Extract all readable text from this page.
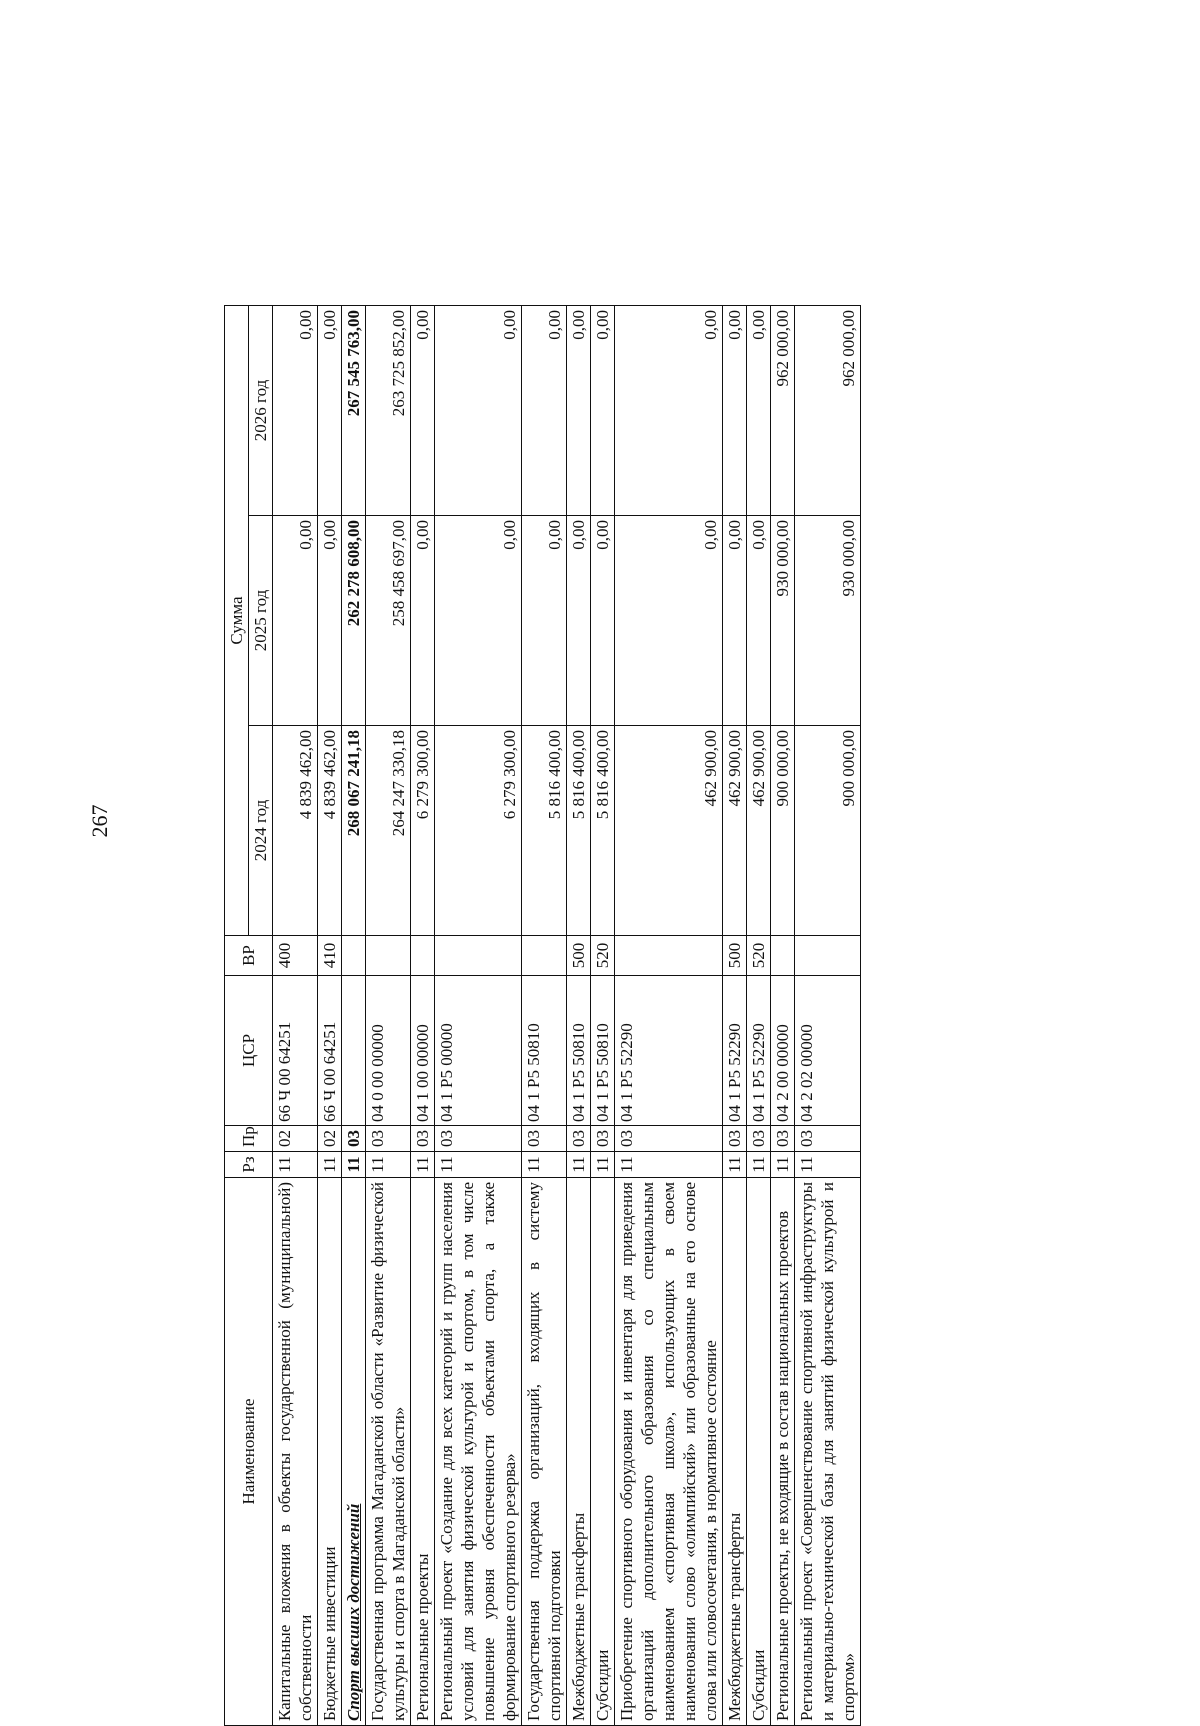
267
Наименование	Рз	Пр	ЦСР	ВР	Сумма		
					2024 год	2025 год	2026 год
Капитальные вложения в объекты государственной (муниципальной) собственности	11	02	66 Ч 00 64251	400	4 839 462,00	0,00	0,00
Бюджетные инвестиции	11	02	66 Ч 00 64251	410	4 839 462,00	0,00	0,00
Спорт высших достижений	11	03			268 067 241,18	262 278 608,00	267 545 763,00
Государственная программа Магаданской области «Развитие физической культуры и спорта в Магаданской области»	11	03	04 0 00 00000		264 247 330,18	258 458 697,00	263 725 852,00
Региональные проекты	11	03	04 1 00 00000		6 279 300,00	0,00	0,00
Региональный проект «Создание для всех категорий и групп населения условий для занятия физической культурой и спортом, в том числе повышение уровня обеспеченности объектами спорта, а также формирование спортивного резерва»	11	03	04 1 P5 00000		6 279 300,00	0,00	0,00
Государственная поддержка организаций, входящих в систему спортивной подготовки	11	03	04 1 P5 50810		5 816 400,00	0,00	0,00
Межбюджетные трансферты	11	03	04 1 P5 50810	500	5 816 400,00	0,00	0,00
Субсидии	11	03	04 1 P5 50810	520	5 816 400,00	0,00	0,00
Приобретение спортивного оборудования и инвентаря для приведения организаций дополнительного образования со специальным наименованием «спортивная школа», использующих в своем наименовании слово «олимпийский» или образованные на его основе слова или словосочетания, в нормативное состояние	11	03	04 1 P5 52290		462 900,00	0,00	0,00
Межбюджетные трансферты	11	03	04 1 P5 52290	500	462 900,00	0,00	0,00
Субсидии	11	03	04 1 P5 52290	520	462 900,00	0,00	0,00
Региональные проекты, не входящие в состав национальных проектов	11	03	04 2 00 00000		900 000,00	930 000,00	962 000,00
Региональный проект «Совершенствование спортивной инфраструктуры и материально-технической базы для занятий физической культурой и спортом»	11	03	04 2 02 00000		900 000,00	930 000,00	962 000,00
